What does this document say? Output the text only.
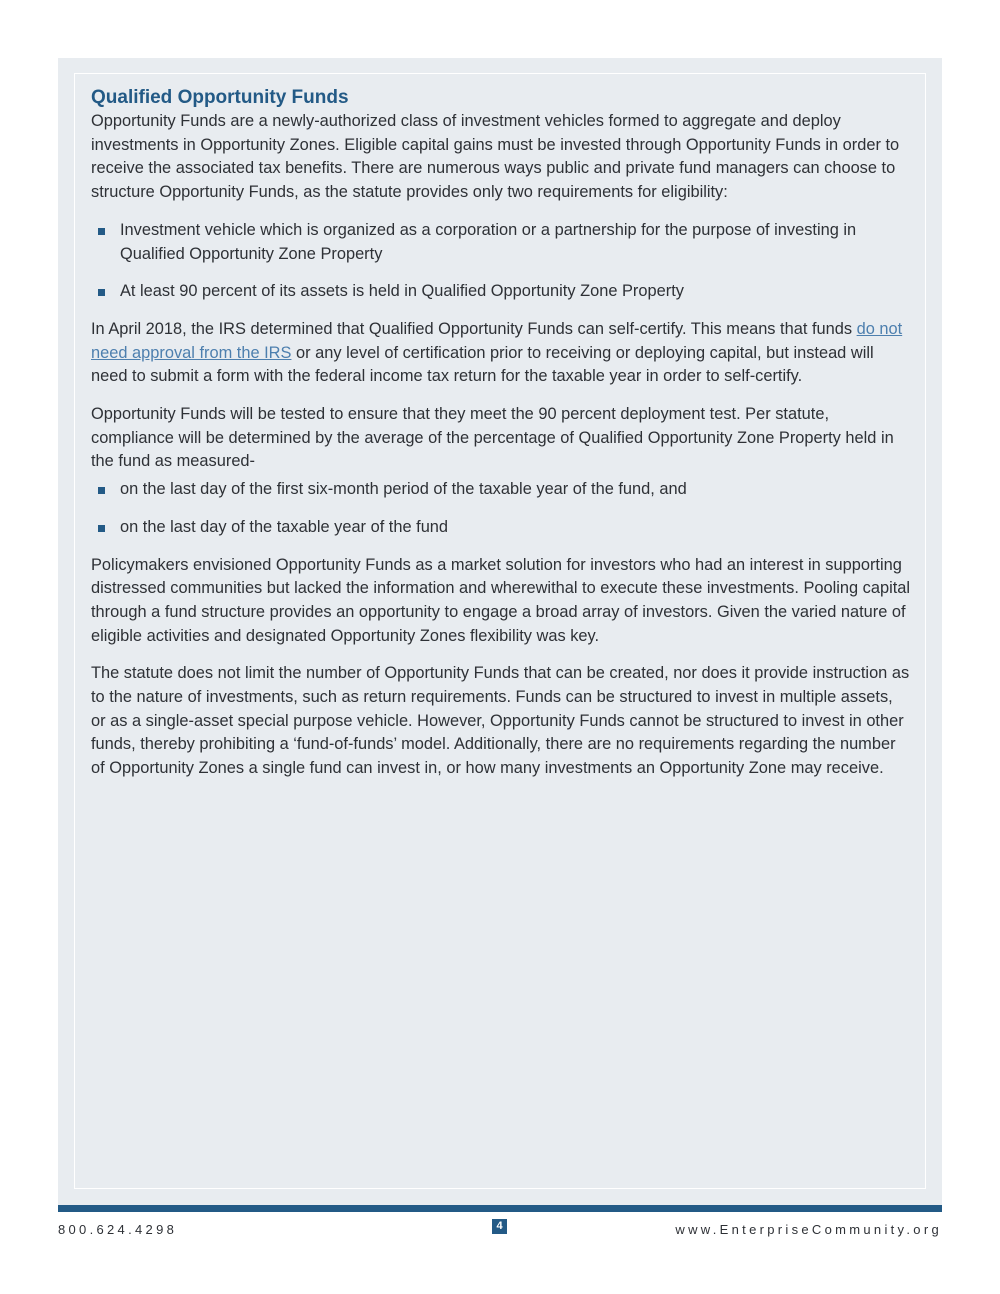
Qualified Opportunity Funds

Opportunity Funds are a newly-authorized class of investment vehicles formed to aggregate and deploy investments in Opportunity Zones. Eligible capital gains must be invested through Opportunity Funds in order to receive the associated tax benefits. There are numerous ways public and private fund managers can choose to structure Opportunity Funds, as the statute provides only two requirements for eligibility:

Investment vehicle which is organized as a corporation or a partnership for the purpose of investing in Qualified Opportunity Zone Property
At least 90 percent of its assets is held in Qualified Opportunity Zone Property

In April 2018, the IRS determined that Qualified Opportunity Funds can self-certify. This means that funds do not need approval from the IRS or any level of certification prior to receiving or deploying capital, but instead will need to submit a form with the federal income tax return for the taxable year in order to self-certify.

Opportunity Funds will be tested to ensure that they meet the 90 percent deployment test. Per statute, compliance will be determined by the average of the percentage of Qualified Opportunity Zone Property held in the fund as measured-

on the last day of the first six-month period of the taxable year of the fund, and
on the last day of the taxable year of the fund

Policymakers envisioned Opportunity Funds as a market solution for investors who had an interest in supporting distressed communities but lacked the information and wherewithal to execute these investments. Pooling capital through a fund structure provides an opportunity to engage a broad array of investors. Given the varied nature of eligible activities and designated Opportunity Zones flexibility was key.

The statute does not limit the number of Opportunity Funds that can be created, nor does it provide instruction as to the nature of investments, such as return requirements. Funds can be structured to invest in multiple assets, or as a single-asset special purpose vehicle. However, Opportunity Funds cannot be structured to invest in other funds, thereby prohibiting a ‘fund-of-funds’ model. Additionally, there are no requirements regarding the number of Opportunity Zones a single fund can invest in, or how many investments an Opportunity Zone may receive.

800.624.4298	4	www.EnterpriseCommunity.org
